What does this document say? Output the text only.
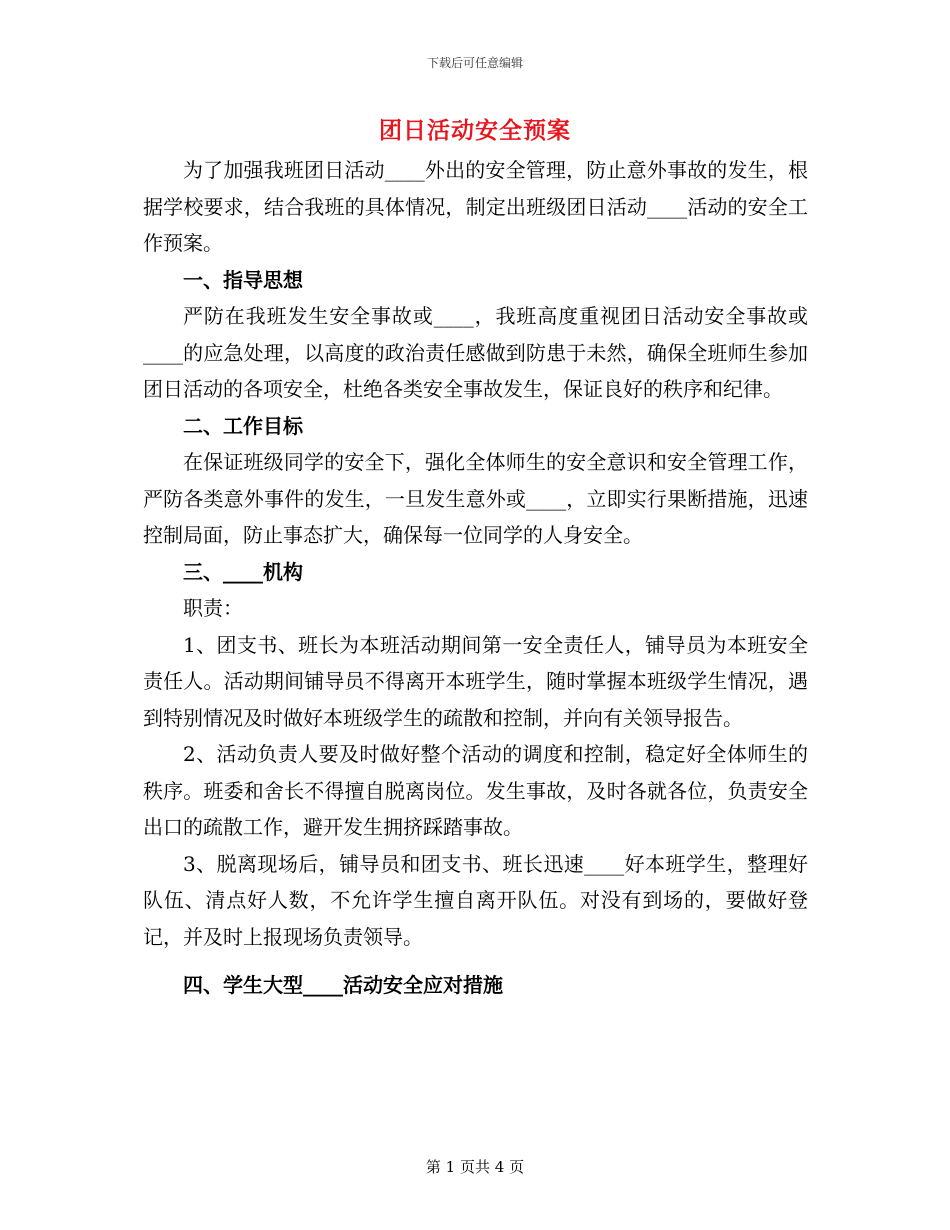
下载后可任意编辑
团日活动安全预案

为了加强我班团日活动____外出的安全管理，防止意外事故的发生，根据学校要求，结合我班的具体情况，制定出班级团日活动____活动的安全工作预案。

一、指导思想

严防在我班发生安全事故或____，我班高度重视团日活动安全事故或____的应急处理，以高度的政治责任感做到防患于未然，确保全班师生参加团日活动的各项安全，杜绝各类安全事故发生，保证良好的秩序和纪律。

二、工作目标

在保证班级同学的安全下，强化全体师生的安全意识和安全管理工作，严防各类意外事件的发生，一旦发生意外或____，立即实行果断措施，迅速控制局面，防止事态扩大，确保每一位同学的人身安全。

三、____机构

职责：

1、团支书、班长为本班活动期间第一安全责任人，铺导员为本班安全责任人。活动期间铺导员不得离开本班学生，随时掌握本班级学生情况，遇到特别情况及时做好本班级学生的疏散和控制，并向有关领导报告。

2、活动负责人要及时做好整个活动的调度和控制，稳定好全体师生的秩序。班委和舍长不得擅自脱离岗位。发生事故，及时各就各位，负责安全出口的疏散工作，避开发生拥挤踩踏事故。

3、脱离现场后，铺导员和团支书、班长迅速____好本班学生，整理好队伍、清点好人数，不允许学生擅自离开队伍。对没有到场的，要做好登记，并及时上报现场负责领导。

四、学生大型____活动安全应对措施
第 1 页共 4 页
